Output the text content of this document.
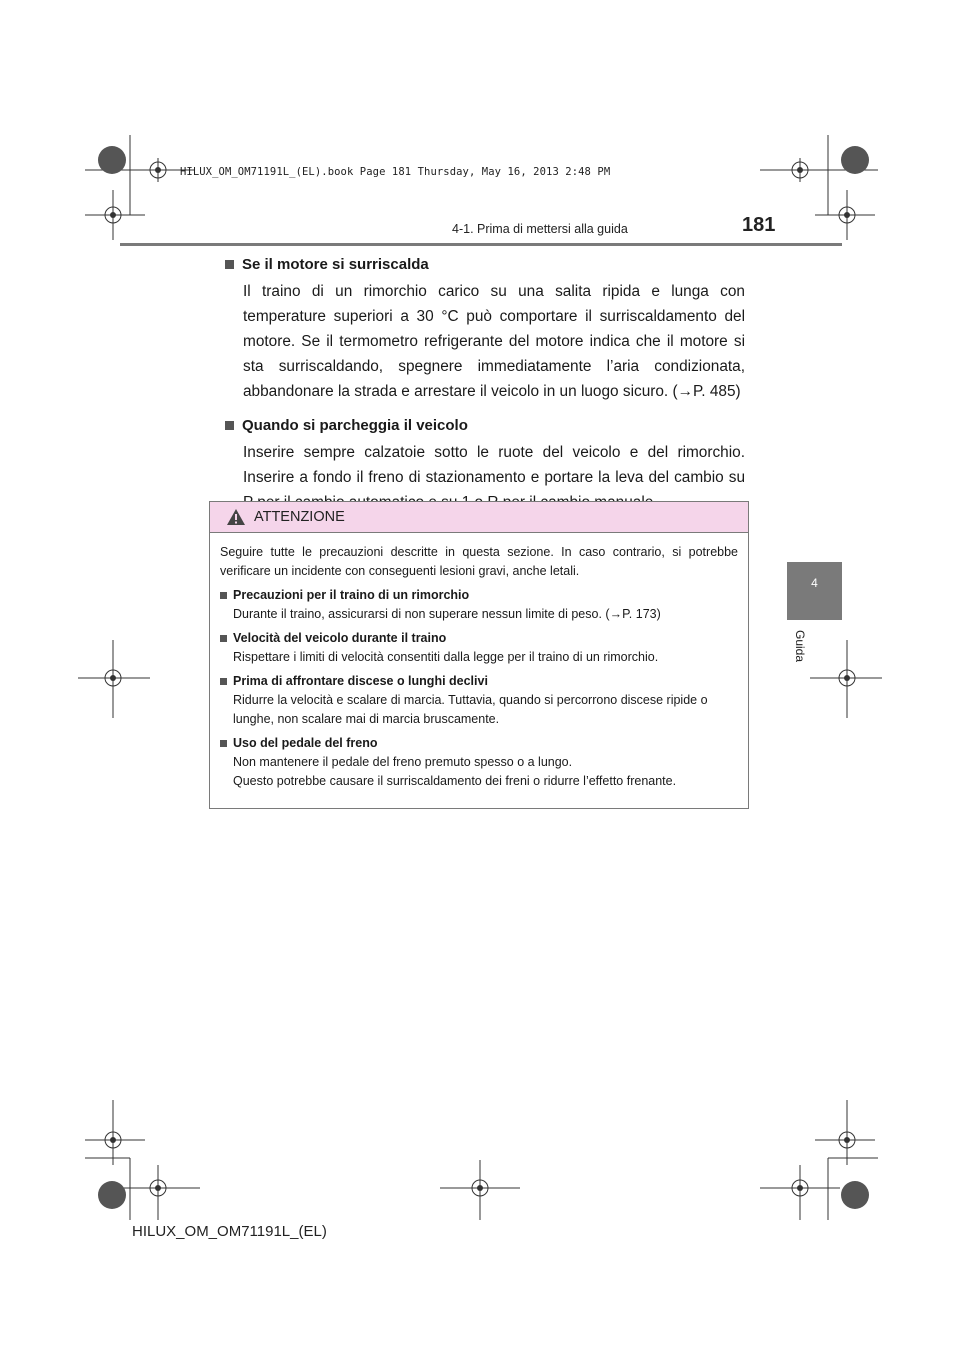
HILUX_OM_OM71191L_(EL).book Page 181 Thursday, May 16, 2013 2:48 PM
4-1. Prima di mettersi alla guida	181
4
Guida
Se il motore si surriscalda
Il traino di un rimorchio carico su una salita ripida e lunga con temperature superiori a 30 °C può comportare il surriscaldamento del motore. Se il termometro refrigerante del motore indica che il motore si sta surriscaldando, spegnere immediatamente l’aria condizionata, abbandonare la strada e arrestare il veicolo in un luogo sicuro. (→P. 485)
Quando si parcheggia il veicolo
Inserire sempre calzatoie sotto le ruote del veicolo e del rimorchio. Inserire a fondo il freno di stazionamento e portare la leva del cambio su
ATTENZIONE
Seguire tutte le precauzioni descritte in questa sezione. In caso contrario, si potrebbe verificare un incidente con conseguenti lesioni gravi, anche letali.
Precauzioni per il traino di un rimorchio
Durante il traino, assicurarsi di non superare nessun limite di peso. (→P. 173)
Velocità del veicolo durante il traino
Rispettare i limiti di velocità consentiti dalla legge per il traino di un rimorchio.
Prima di affrontare discese o lunghi declivi
Ridurre la velocità e scalare di marcia. Tuttavia, quando si percorrono discese ripide o lunghe, non scalare mai di marcia bruscamente.
Uso del pedale del freno
Non mantenere il pedale del freno premuto spesso o a lungo.
Questo potrebbe causare il surriscaldamento dei freni o ridurre l’effetto frenante.
HILUX_OM_OM71191L_(EL)
